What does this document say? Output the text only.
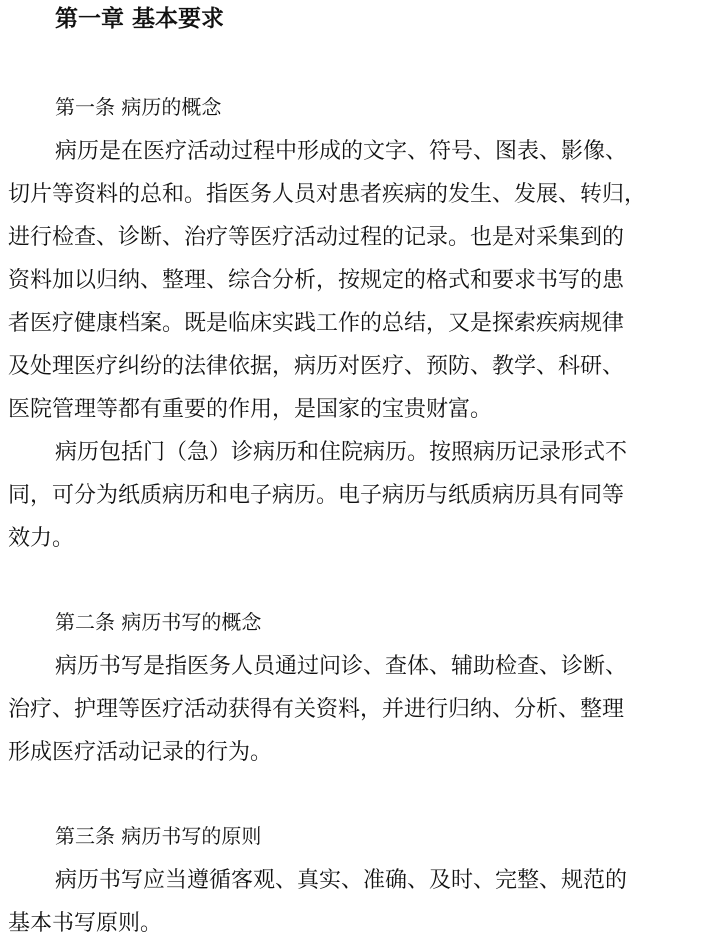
第一章 基本要求
第一条 病历的概念
病历是在医疗活动过程中形成的文字、符号、图表、影像、
切片等资料的总和。指医务人员对患者疾病的发生、发展、转归，
进行检查、诊断、治疗等医疗活动过程的记录。也是对采集到的
资料加以归纳、整理、综合分析，按规定的格式和要求书写的患
者医疗健康档案。既是临床实践工作的总结，又是探索疾病规律
及处理医疗纠纷的法律依据，病历对医疗、预防、教学、科研、
医院管理等都有重要的作用，是国家的宝贵财富。
病历包括门（急）诊病历和住院病历。按照病历记录形式不
同，可分为纸质病历和电子病历。电子病历与纸质病历具有同等
效力。
第二条 病历书写的概念
病历书写是指医务人员通过问诊、查体、辅助检查、诊断、
治疗、护理等医疗活动获得有关资料，并进行归纳、分析、整理
形成医疗活动记录的行为。
第三条 病历书写的原则
病历书写应当遵循客观、真实、准确、及时、完整、规范的
基本书写原则。
